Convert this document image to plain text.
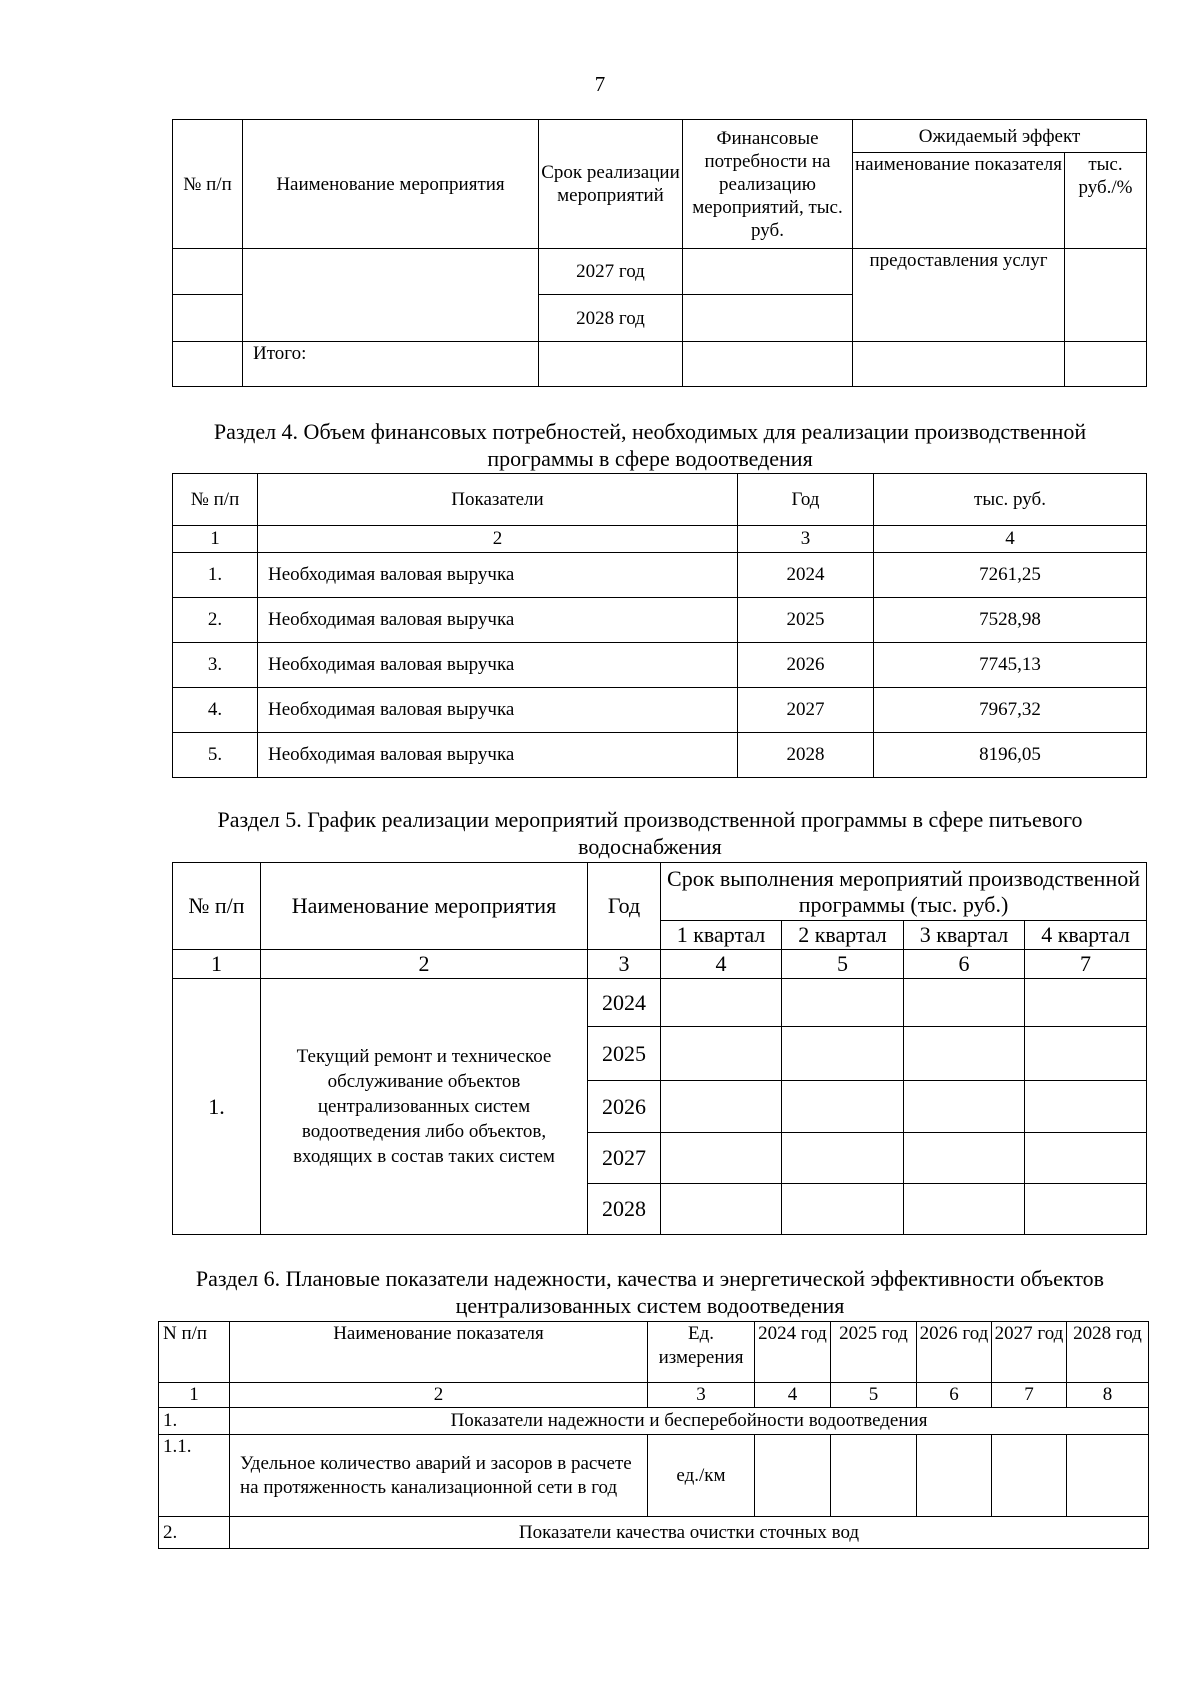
7
№ п/п	Наименование мероприятия	Срок реализации мероприятий	Финансовые потребности на реализацию мероприятий, тыс. руб.	Ожидаемый эффект	
				наименование показателя	тыс. руб./%
		2027 год		предоставления услуг	
		2028 год			
	Итого:				
Раздел 4. Объем финансовых потребностей, необходимых для реализации производственной программы в сфере водоотведения
№ п/п	Показатели	Год	тыс. руб.
1	2	3	4
1.	Необходимая валовая выручка	2024	7261,25
2.	Необходимая валовая выручка	2025	7528,98
3.	Необходимая валовая выручка	2026	7745,13
4.	Необходимая валовая выручка	2027	7967,32
5.	Необходимая валовая выручка	2028	8196,05
Раздел 5. График реализации мероприятий производственной программы в сфере питьевого водоснабжения
№ п/п	Наименование мероприятия	Год	Срок выполнения мероприятий производственной программы (тыс. руб.)			
			1 квартал	2 квартал	3 квартал	4 квартал
1	2	3	4	5	6	7
1.	Текущий ремонт и техническое обслуживание объектов централизованных систем водоотведения либо объектов, входящих в состав таких систем	2024				
		2025				
		2026				
		2027				
		2028				
Раздел 6. Плановые показатели надежности, качества и энергетической эффективности объектов централизованных систем водоотведения
N п/п	Наименование показателя	Ед. измерения	2024 год	2025 год	2026 год	2027 год	2028 год
1	2	3	4	5	6	7	8
1.	Показатели надежности и бесперебойности водоотведения						
1.1.	Удельное количество аварий и засоров в расчете на протяженность канализационной сети в год	ед./км					
2.	Показатели качества очистки сточных вод						
